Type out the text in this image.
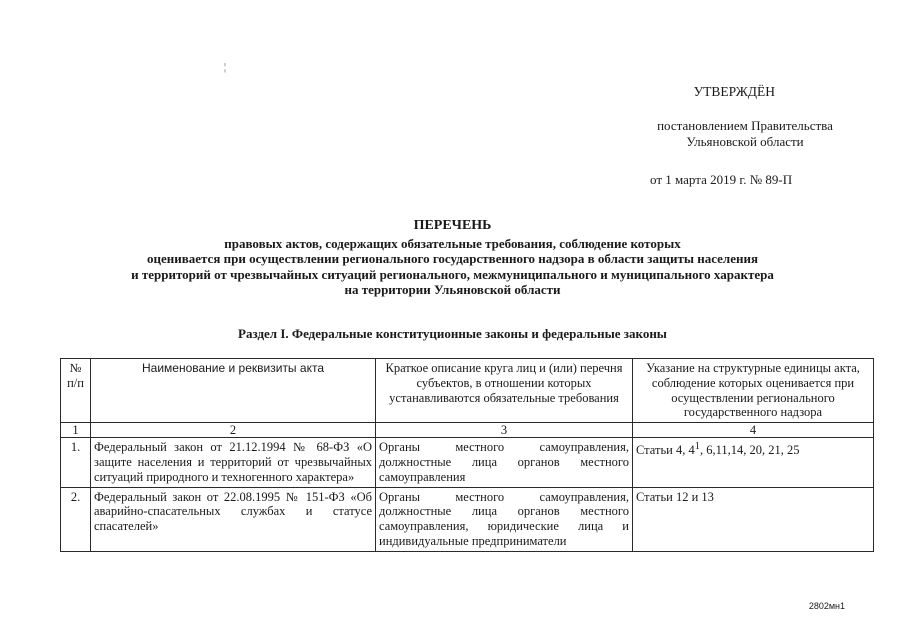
¦
УТВЕРЖДЁН
постановлением Правительства
Ульяновской области
от 1 марта 2019 г. № 89-П
ПЕРЕЧЕНЬ
правовых актов, содержащих обязательные требования, соблюдение которых
оценивается при осуществлении регионального государственного надзора в области защиты населения
и территорий от чрезвычайных ситуаций регионального, межмуниципального и муниципального характера
на территории Ульяновской области
Раздел I. Федеральные конституционные законы и федеральные законы
№ п/п	Наименование и реквизиты акта	Краткое описание круга лиц и (или) перечня субъектов, в отношении которых устанавливаются обязательные требования	Указание на структурные единицы акта, соблюдение которых оценивается при осуществлении регионального государственного надзора
1	2	3	4
1.	Федеральный закон от 21.12.1994 № 68-ФЗ «О защите населения и территорий от чрезвычайных ситуаций природного и техногенного характера»	Органы местного самоуправления, должностные лица органов местного самоуправления	Статьи 4, $4^1$, 6,11,14, 20, 21, 25
2.	Федеральный закон от 22.08.1995 № 151-ФЗ «Об аварийно-спасательных службах и статусе спасателей»	Органы местного самоуправления, должностные лица органов местного самоуправления, юридические лица и индивидуальные предприниматели	Статьи 12 и 13
2802мн1
